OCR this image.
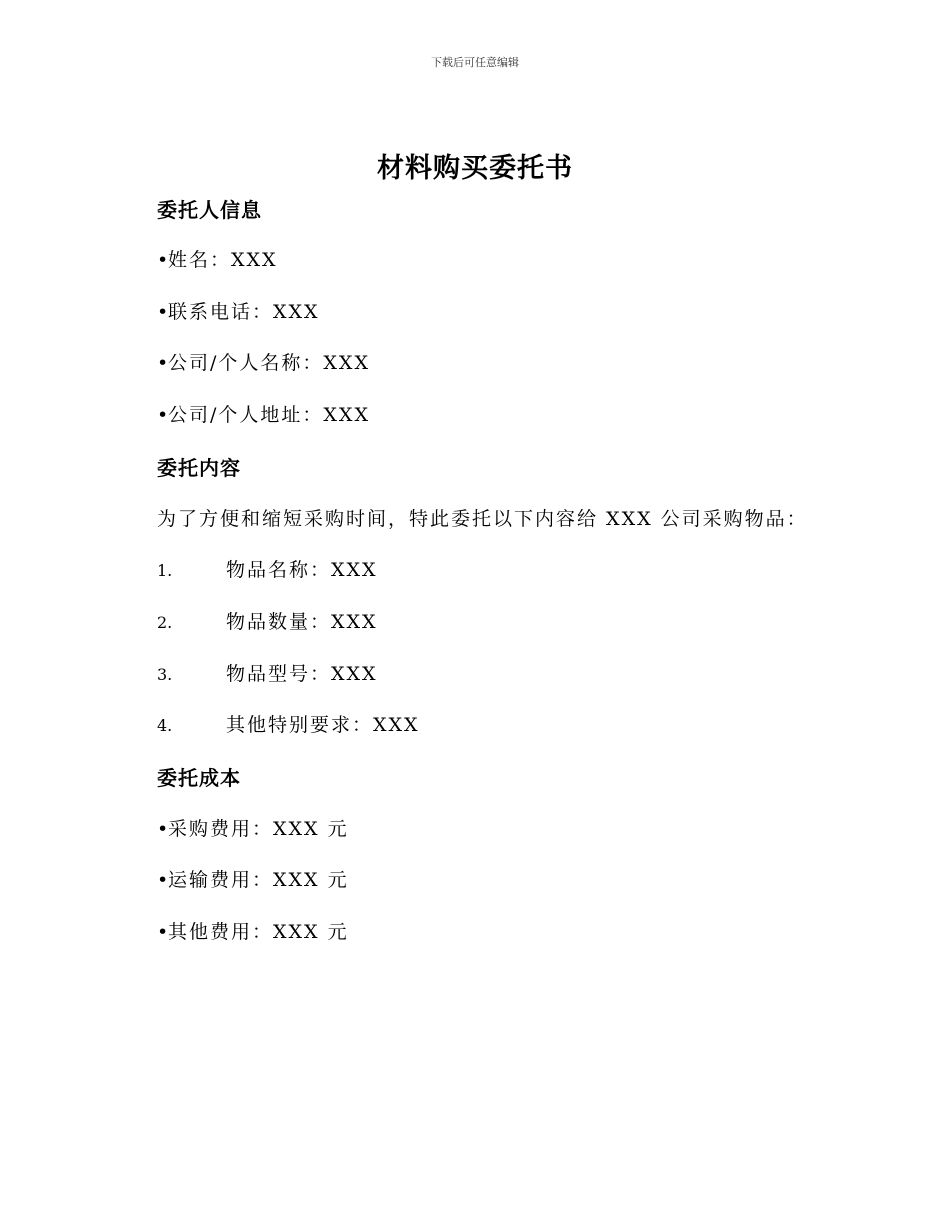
下载后可任意编辑
材料购买委托书
委托人信息
•姓名：XXX
•联系电话：XXX
•公司/个人名称：XXX
•公司/个人地址：XXX
委托内容
为了方便和缩短采购时间，特此委托以下内容给 XXX 公司采购物品：
1.	物品名称：XXX
2.	物品数量：XXX
3.	物品型号：XXX
4.	其他特别要求：XXX
委托成本
•采购费用：XXX 元
•运输费用：XXX 元
•其他费用：XXX 元
